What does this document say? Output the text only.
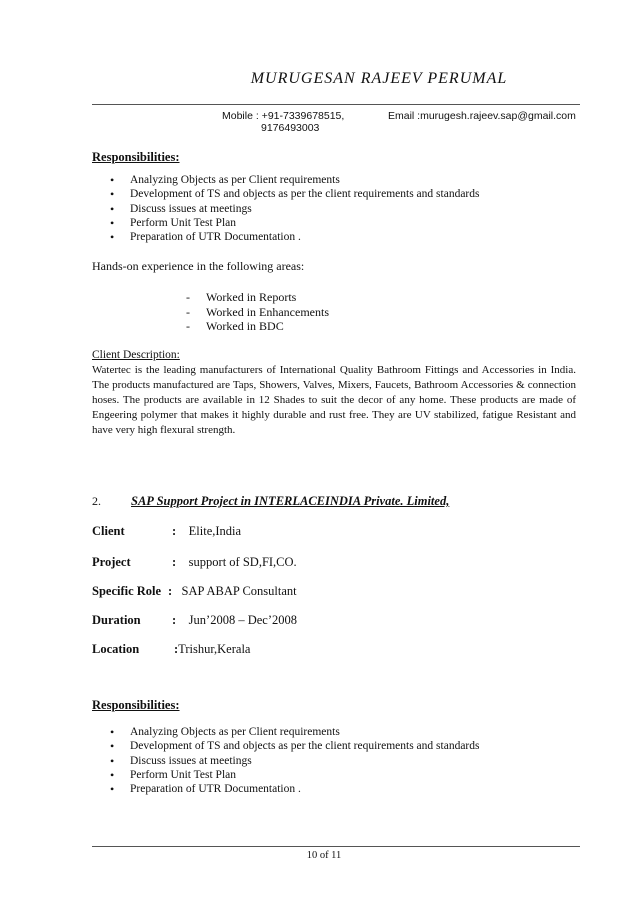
MURUGESAN RAJEEV PERUMAL
Mobile : +91-7339678515,
9176493003
Email :murugesh.rajeev.sap@gmail.com
Responsibilities:
• Analyzing Objects as per Client requirements
• Development of TS and objects as per the client requirements and standards
• Discuss issues at meetings
• Perform Unit Test Plan
• Preparation of UTR Documentation .
Hands-on experience in the following areas:
- Worked in Reports
- Worked in Enhancements
- Worked in BDC
Client Description:
Watertec is the leading manufacturers of International Quality Bathroom Fittings and Accessories in India. The products manufactured are Taps, Showers, Valves, Mixers, Faucets, Bathroom Accessories & connection hoses. The products are available in 12 Shades to suit the decor of any home. These products are made of Engeering polymer that makes it highly durable and rust free. They are UV stabilized, fatigue Resistant and have very high flexural strength.
2. SAP Support Project in INTERLACEINDIA Private. Limited,
Client	: Elite,India
Project	: support of SD,FI,CO.
Specific Role : SAP ABAP Consultant
Duration	: Jun’2008 – Dec’2008
Location	:Trishur,Kerala
Responsibilities:
• Analyzing Objects as per Client requirements
• Development of TS and objects as per the client requirements and standards
• Discuss issues at meetings
• Perform Unit Test Plan
• Preparation of UTR Documentation .
10 of 11
